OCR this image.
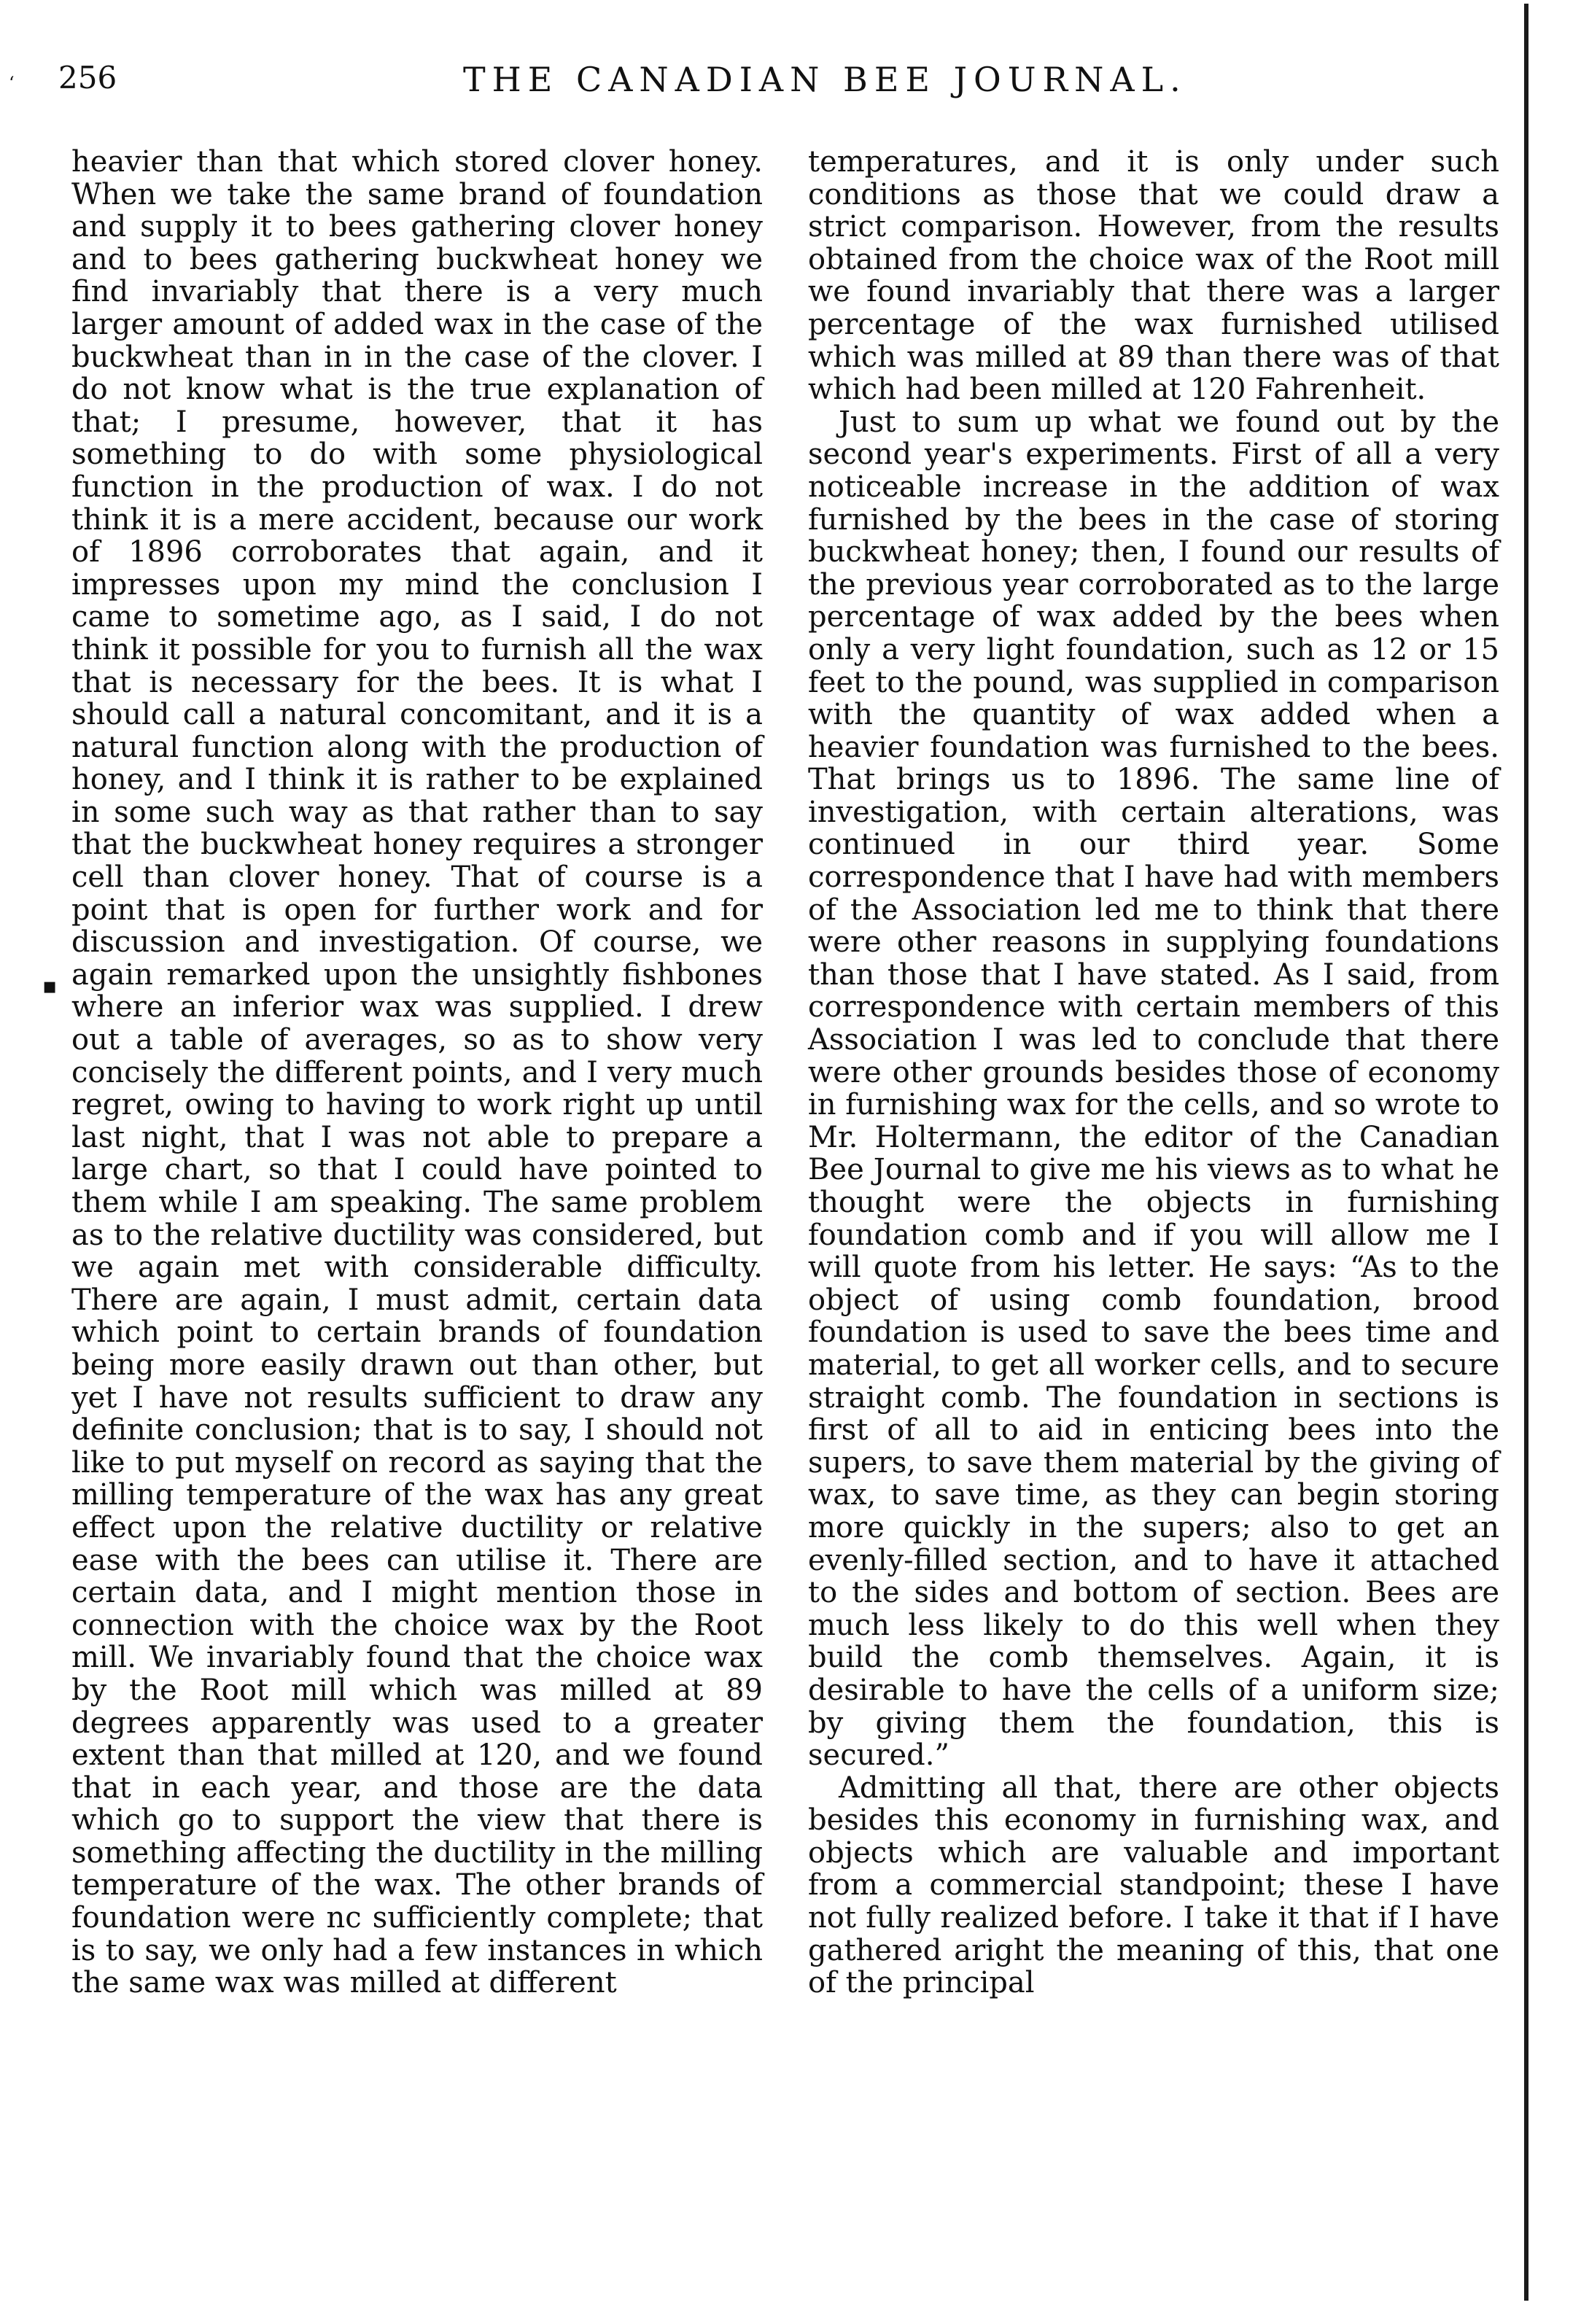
256	THE CANADIAN BEE JOURNAL.
‘
▪

heavier than that which stored clover honey. When we take the same brand of foundation and supply it to bees gathering clover honey and to bees gathering buckwheat honey we find invariably that there is a very much larger amount of added wax in the case of the buckwheat than in in the case of the clover. I do not know what is the true explanation of that; I presume, however, that it has something to do with some physiological function in the production of wax. I do not think it is a mere accident, because our work of 1896 corroborates that again, and it impresses upon my mind the conclusion I came to sometime ago, as I said, I do not think it possible for you to furnish all the wax that is necessary for the bees. It is what I should call a natural concomitant, and it is a natural function along with the production of honey, and I think it is rather to be explained in some such way as that rather than to say that the buckwheat honey requires a stronger cell than clover honey. That of course is a point that is open for further work and for discussion and investigation. Of course, we again remarked upon the unsightly fishbones where an inferior wax was supplied. I drew out a table of averages, so as to show very concisely the different points, and I very much regret, owing to having to work right up until last night, that I was not able to prepare a large chart, so that I could have pointed to them while I am speaking. The same problem as to the relative ductility was considered, but we again met with considerable difficulty. There are again, I must admit, certain data which point to certain brands of foundation being more easily drawn out than other, but yet I have not results sufficient to draw any definite conclusion; that is to say, I should not like to put myself on record as saying that the milling temperature of the wax has any great effect upon the relative ductility or relative ease with the bees can utilise it. There are certain data, and I might mention those in connection with the choice wax by the Root mill. We invariably found that the choice wax by the Root mill which was milled at 89 degrees apparently was used to a greater extent than that milled at 120, and we found that in each year, and those are the data which go to support the view that there is something affecting the ductility in the milling temperature of the wax. The other brands of foundation were nc sufficiently complete; that is to say, we only had a few instances in which the same wax was milled at different

temperatures, and it is only under such conditions as those that we could draw a strict comparison. However, from the results obtained from the choice wax of the Root mill we found invariably that there was a larger percentage of the wax furnished utilised which was milled at 89 than there was of that which had been milled at 120 Fahrenheit.

Just to sum up what we found out by the second year's experiments. First of all a very noticeable increase in the addition of wax furnished by the bees in the case of storing buckwheat honey; then, I found our results of the previous year corroborated as to the large percentage of wax added by the bees when only a very light foundation, such as 12 or 15 feet to the pound, was supplied in comparison with the quantity of wax added when a heavier foundation was furnished to the bees. That brings us to 1896. The same line of investigation, with certain alterations, was continued in our third year. Some correspondence that I have had with members of the Association led me to think that there were other reasons in supplying foundations than those that I have stated. As I said, from correspondence with certain members of this Association I was led to conclude that there were other grounds besides those of economy in furnishing wax for the cells, and so wrote to Mr. Holtermann, the editor of the Canadian Bee Journal to give me his views as to what he thought were the objects in furnishing foundation comb and if you will allow me I will quote from his letter. He says: “As to the object of using comb foundation, brood foundation is used to save the bees time and material, to get all worker cells, and to secure straight comb. The foundation in sections is first of all to aid in enticing bees into the supers, to save them material by the giving of wax, to save time, as they can begin storing more quickly in the supers; also to get an evenly-filled section, and to have it attached to the sides and bottom of section. Bees are much less likely to do this well when they build the comb themselves. Again, it is desirable to have the cells of a uniform size; by giving them the foundation, this is secured.”

Admitting all that, there are other objects besides this economy in furnishing wax, and objects which are valuable and important from a commercial standpoint; these I have not fully realized before. I take it that if I have gathered aright the meaning of this, that one of the principal
